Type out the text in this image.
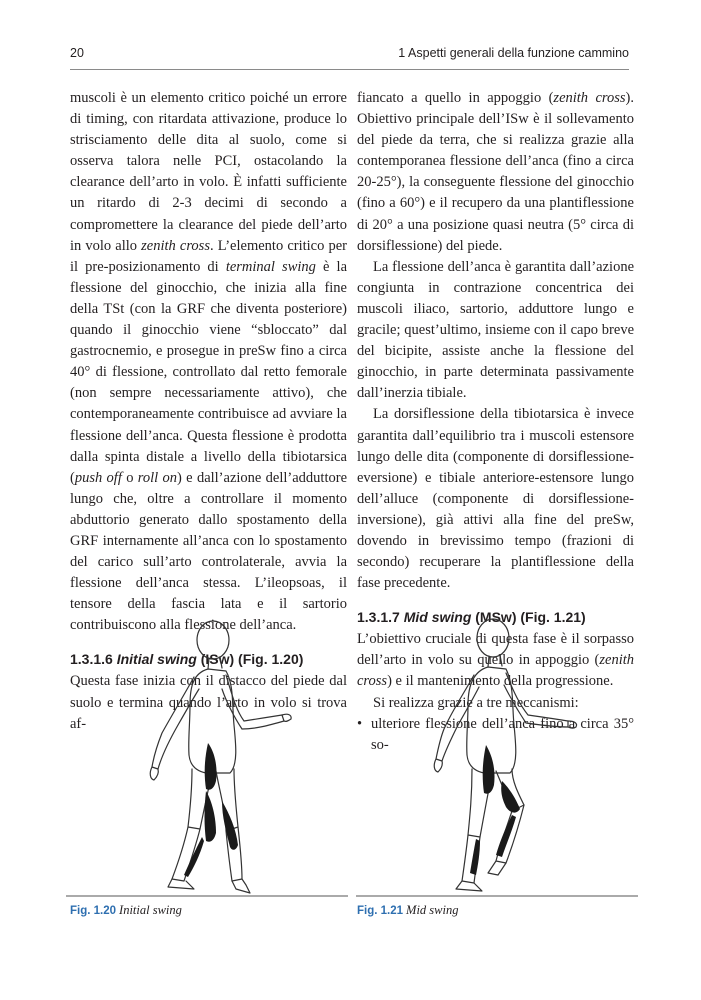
20	1 Aspetti generali della funzione cammino

muscoli è un elemento critico poiché un errore di timing, con ritardata attivazione, produce lo strisciamento delle dita al suolo, come si osserva talora nelle PCI, ostacolando la clearance dell’arto in volo. È infatti sufficiente un ritardo di 2-3 decimi di secondo a compromettere la clearance del piede dell’arto in volo allo zenith cross. L’elemento critico per il pre-posizionamento di terminal swing è la flessione del ginocchio, che inizia alla fine della TSt (con la GRF che diventa posteriore) quando il ginocchio viene “sbloccato” dal gastrocnemio, e prosegue in preSw fino a circa 40° di flessione, controllato dal retto femorale (non sempre necessariamente attivo), che contemporaneamente contribuisce ad avviare la flessione dell’anca. Questa flessione è prodotta dalla spinta distale a livello della tibiotarsica (push off o roll on) e dall’azione dell’adduttore lungo che, oltre a controllare il momento abduttorio generato dallo spostamento della GRF internamente all’anca con lo spostamento del carico sull’arto controlaterale, avvia la flessione dell’anca stessa. L’ileopsoas, il tensore della fascia lata e il sartorio contribuiscono alla flessione dell’anca.

1.3.1.6 Initial swing (ISw) (Fig. 1.20)

Questa fase inizia con il distacco del piede dal suolo e termina quando l’arto in volo si trova af-

fiancato a quello in appoggio (zenith cross). Obiettivo principale dell’ISw è il sollevamento del piede da terra, che si realizza grazie alla contemporanea flessione dell’anca (fino a circa 20-25°), la conseguente flessione del ginocchio (fino a 60°) e il recupero da una plantiflessione di 20° a una posizione quasi neutra (5° circa di dorsiflessione) del piede.

La flessione dell’anca è garantita dall’azione congiunta in contrazione concentrica dei muscoli iliaco, sartorio, adduttore lungo e gracile; quest’ultimo, insieme con il capo breve del bicipite, assiste anche la flessione del ginocchio, in parte determinata passivamente dall’inerzia tibiale.

La dorsiflessione della tibiotarsica è invece garantita dall’equilibrio tra i muscoli estensore lungo delle dita (componente di dorsiflessione-eversione) e tibiale anteriore-estensore lungo dell’alluce (componente di dorsiflessione-inversione), già attivi alla fine del preSw, dovendo in brevissimo tempo (frazioni di secondo) recuperare la plantiflessione della fase precedente.

1.3.1.7 Mid swing (MSw) (Fig. 1.21)

L’obiettivo cruciale di questa fase è il sorpasso dell’arto in volo su quello in appoggio (zenith cross) e il mantenimento della progressione.

Si realizza grazie a tre meccanismi:

• ulteriore flessione dell’anca fino a circa 35° so-

Fig. 1.20 Initial swing	Fig. 1.21 Mid swing
